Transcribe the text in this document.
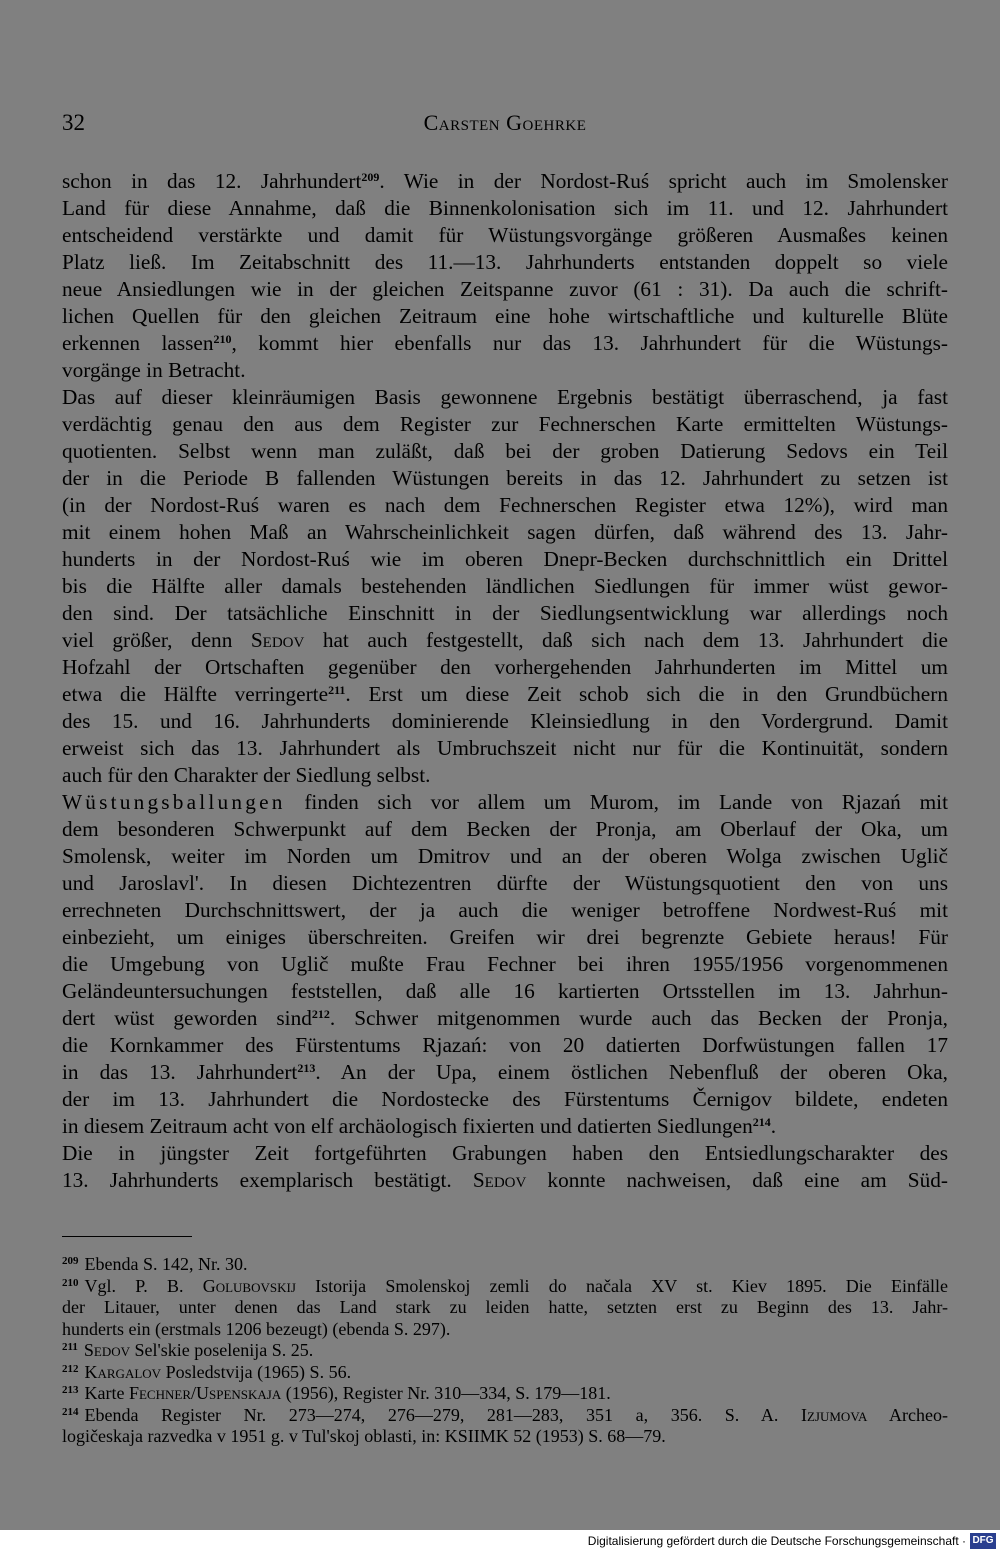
32	Carsten Goehrke
schon in das 12. Jahrhundert$^{209}$. Wie in der Nordost-Ruś spricht auch im Smolensker
Land für diese Annahme, daß die Binnenkolonisation sich im 11. und 12. Jahrhundert
entscheidend verstärkte und damit für Wüstungsvorgänge größeren Ausmaßes keinen
Platz ließ. Im Zeitabschnitt des 11.—13. Jahrhunderts entstanden doppelt so viele
neue Ansiedlungen wie in der gleichen Zeitspanne zuvor (61 : 31). Da auch die schrift-
lichen Quellen für den gleichen Zeitraum eine hohe wirtschaftliche und kulturelle Blüte
erkennen lassen$^{210}$, kommt hier ebenfalls nur das 13. Jahrhundert für die Wüstungs-
vorgänge in Betracht.
Das auf dieser kleinräumigen Basis gewonnene Ergebnis bestätigt überraschend, ja fast
verdächtig genau den aus dem Register zur Fechnerschen Karte ermittelten Wüstungs-
quotienten. Selbst wenn man zuläßt, daß bei der groben Datierung Sedovs ein Teil
der in die Periode B fallenden Wüstungen bereits in das 12. Jahrhundert zu setzen ist
(in der Nordost-Ruś waren es nach dem Fechnerschen Register etwa 12%), wird man
mit einem hohen Maß an Wahrscheinlichkeit sagen dürfen, daß während des 13. Jahr-
hunderts in der Nordost-Ruś wie im oberen Dnepr-Becken durchschnittlich ein Drittel
bis die Hälfte aller damals bestehenden ländlichen Siedlungen für immer wüst gewor-
den sind. Der tatsächliche Einschnitt in der Siedlungsentwicklung war allerdings noch
viel größer, denn Sedov hat auch festgestellt, daß sich nach dem 13. Jahrhundert die
Hofzahl der Ortschaften gegenüber den vorhergehenden Jahrhunderten im Mittel um
etwa die Hälfte verringerte$^{211}$. Erst um diese Zeit schob sich die in den Grundbüchern
des 15. und 16. Jahrhunderts dominierende Kleinsiedlung in den Vordergrund. Damit
erweist sich das 13. Jahrhundert als Umbruchszeit nicht nur für die Kontinuität, sondern
auch für den Charakter der Siedlung selbst.
Wüstungsballungen finden sich vor allem um Murom, im Lande von Rjazań mit
dem besonderen Schwerpunkt auf dem Becken der Pronja, am Oberlauf der Oka, um
Smolensk, weiter im Norden um Dmitrov und an der oberen Wolga zwischen Uglič
und Jaroslavl'. In diesen Dichtezentren dürfte der Wüstungsquotient den von uns
errechneten Durchschnittswert, der ja auch die weniger betroffene Nordwest-Ruś mit
einbezieht, um einiges überschreiten. Greifen wir drei begrenzte Gebiete heraus! Für
die Umgebung von Uglič mußte Frau Fechner bei ihren 1955/1956 vorgenommenen
Geländeuntersuchungen feststellen, daß alle 16 kartierten Ortsstellen im 13. Jahrhun-
dert wüst geworden sind$^{212}$. Schwer mitgenommen wurde auch das Becken der Pronja,
die Kornkammer des Fürstentums Rjazań: von 20 datierten Dorfwüstungen fallen 17
in das 13. Jahrhundert$^{213}$. An der Upa, einem östlichen Nebenfluß der oberen Oka,
der im 13. Jahrhundert die Nordostecke des Fürstentums Černigov bildete, endeten
in diesem Zeitraum acht von elf archäologisch fixierten und datierten Siedlungen$^{214}$.
Die in jüngster Zeit fortgeführten Grabungen haben den Entsiedlungscharakter des
13. Jahrhunderts exemplarisch bestätigt. Sedov konnte nachweisen, daß eine am Süd-
$^{209}$ Ebenda S. 142, Nr. 30.
$^{210}$ Vgl. P. B. Golubovskij Istorija Smolenskoj zemli do načala XV st. Kiev 1895. Die Einfälle
der Litauer, unter denen das Land stark zu leiden hatte, setzten erst zu Beginn des 13. Jahr-
hunderts ein (erstmals 1206 bezeugt) (ebenda S. 297).
$^{211}$ Sedov Sel'skie poselenija S. 25.
$^{212}$ Kargalov Posledstvija (1965) S. 56.
$^{213}$ Karte Fechner/Uspenskaja (1956), Register Nr. 310—334, S. 179—181.
$^{214}$ Ebenda Register Nr. 273—274, 276—279, 281—283, 351 a, 356. S. A. Izjumova Archeo-
logičeskaja razvedka v 1951 g. v Tul'skoj oblasti, in: KSIIMK 52 (1953) S. 68—79.
Digitalisierung gefördert durch die Deutsche Forschungsgemeinschaft · DFG
